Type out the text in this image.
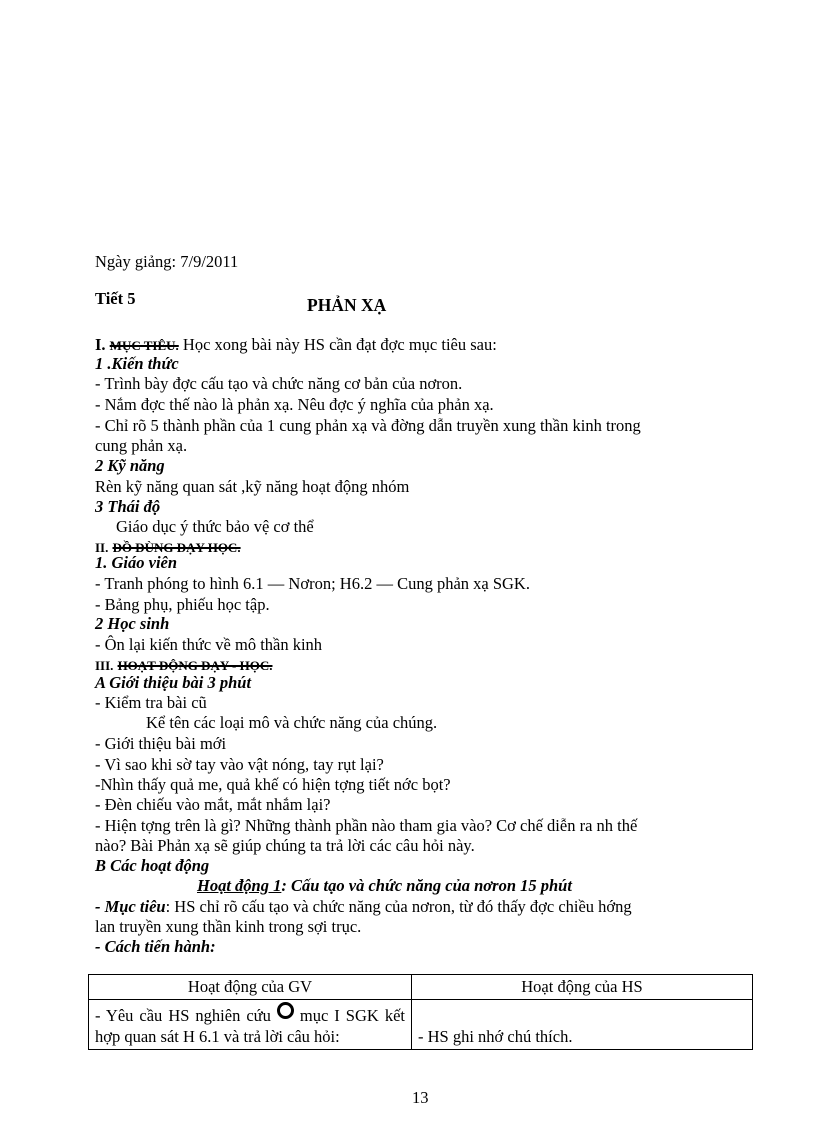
Ngày giảng: 7/9/2011
Tiết 5	PHẢN XẠ
I. MỤC TIÊU. Học xong bài này HS cần đạt đợc mục tiêu sau:
1 .Kiến thức
- Trình bày đợc cấu tạo và chức năng cơ bản của nơron.
- Nắm đợc thế nào là phản xạ. Nêu đợc ý nghĩa của phản xạ.
- Chỉ rõ 5 thành phần của 1 cung phản xạ và đờng dẫn truyền xung thần kinh trong
cung phản xạ.
2 Kỹ năng
Rèn kỹ năng quan sát ,kỹ năng hoạt động nhóm
3 Thái độ
Giáo dục ý thức bảo vệ cơ thể
II. ĐỒ DÙNG DẠY HỌC.
1. Giáo viên
- Tranh phóng to hình 6.1 — Nơron; H6.2 — Cung phản xạ SGK.
- Bảng phụ, phiếu học tập.
2 Học sinh
- Ôn lại kiến thức về mô thần kinh
III. HOẠT ĐỘNG DẠY - HỌC.
A Giới thiệu bài 3 phút
- Kiểm tra bài cũ
Kể tên các loại mô và chức năng của chúng.
- Giới thiệu bài mới
- Vì sao khi sờ tay vào vật nóng, tay rụt lại?
-Nhìn thấy quả me, quả khế có hiện tợng tiết nớc bọt?
- Đèn chiếu vào mắt, mắt nhắm lại?
- Hiện tợng trên là gì? Những thành phần nào tham gia vào? Cơ chế diễn ra nh thế
nào? Bài Phản xạ sẽ giúp chúng ta trả lời các câu hỏi này.
B Các hoạt động
Hoạt động 1: Cấu tạo và chức năng của nơron 15 phút
- Mục tiêu: HS chỉ rõ cấu tạo và chức năng của nơron, từ đó thấy đợc chiều hớng
lan truyền xung thần kinh trong sợi trục.
- Cách tiến hành:
Hoạt động của GV	Hoạt động của HS
- Yêu cầu HS nghiên cứu mục I SGK kết hợp quan sát H 6.1 và trả lời câu hỏi:	- HS ghi nhớ chú thích.
13
